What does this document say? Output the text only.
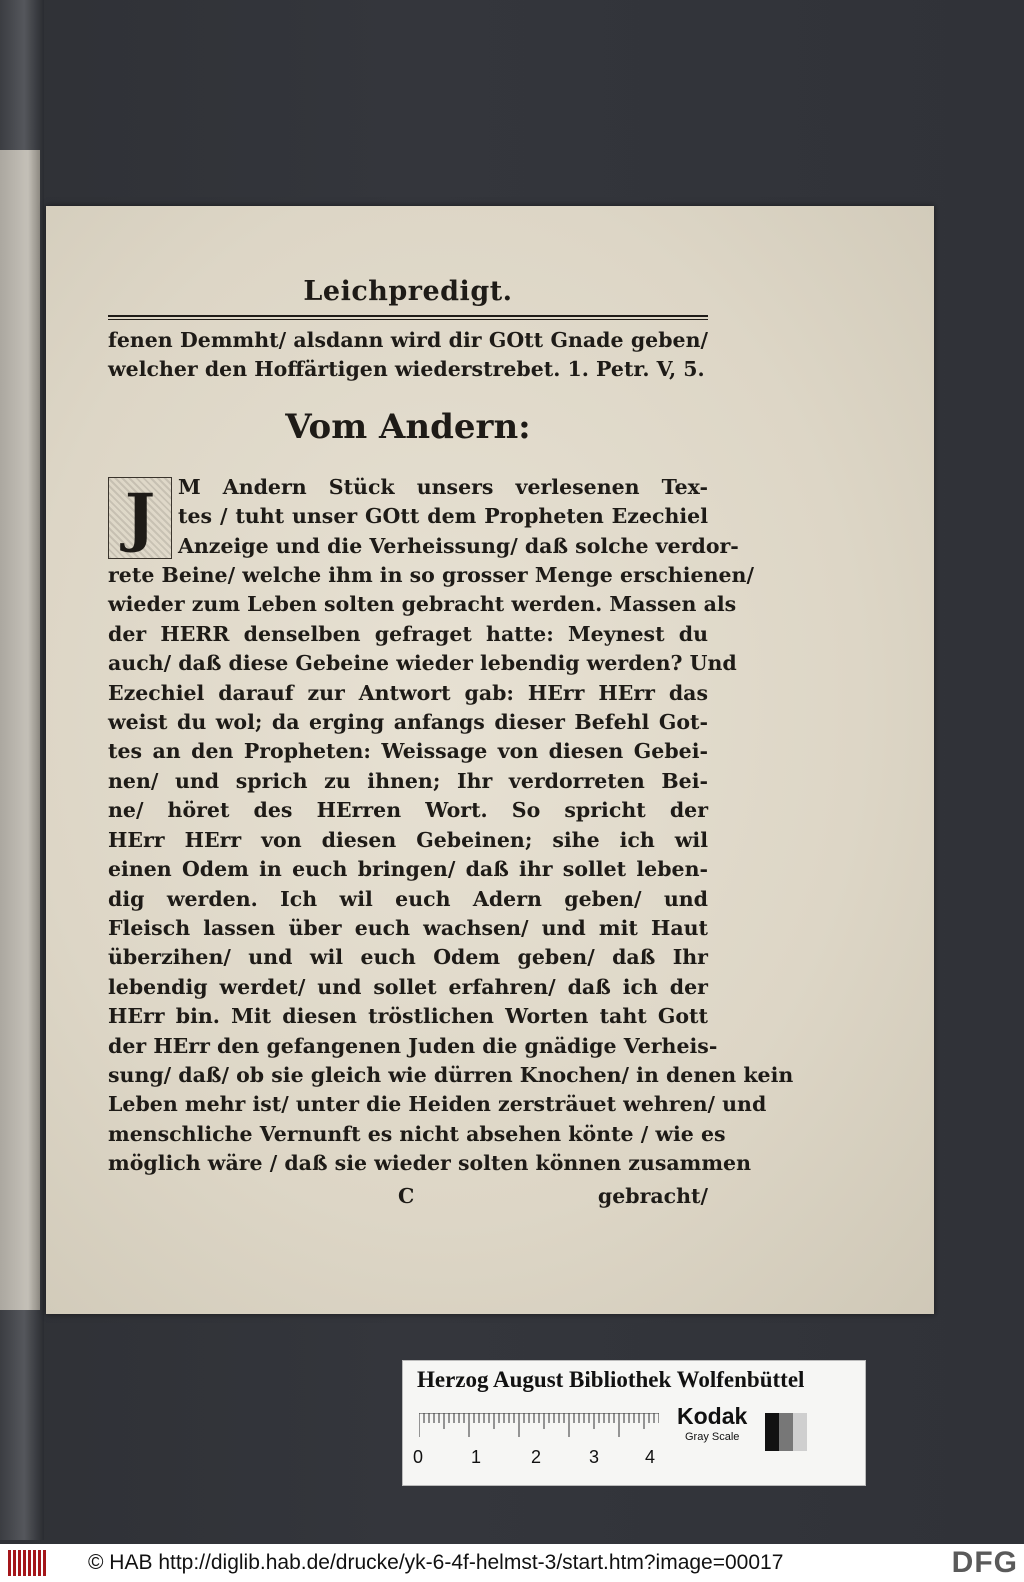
Leichpredigt.
fenen Demmht/ alsdann wird dir GOtt Gnade geben/
welcher den Hoffärtigen wiederstrebet. 1. Petr. V, 5.
Vom Andern:
J	M Andern Stück unsers verlesenen Tex-
tes / tuht unser GOtt dem Propheten Ezechiel
Anzeige und die Verheissung/ daß solche verdor-
rete Beine/ welche ihm in so grosser Menge erschienen/
wieder zum Leben solten gebracht werden. Massen als
der HERR denselben gefraget hatte: Meynest du
auch/ daß diese Gebeine wieder lebendig werden? Und
Ezechiel darauf zur Antwort gab: HErr HErr das
weist du wol; da erging anfangs dieser Befehl Got-
tes an den Propheten: Weissage von diesen Gebei-
nen/ und sprich zu ihnen; Ihr verdorreten Bei-
ne/ höret des HErren Wort. So spricht der
HErr HErr von diesen Gebeinen; sihe ich wil
einen Odem in euch bringen/ daß ihr sollet leben-
dig werden. Ich wil euch Adern geben/ und
Fleisch lassen über euch wachsen/ und mit Haut
überzihen/ und wil euch Odem geben/ daß Ihr
lebendig werdet/ und sollet erfahren/ daß ich der
HErr bin. Mit diesen tröstlichen Worten taht Gott
der HErr den gefangenen Juden die gnädige Verheis-
sung/ daß/ ob sie gleich wie dürren Knochen/ in denen kein
Leben mehr ist/ unter die Heiden zersträuet wehren/ und
menschliche Vernunft es nicht absehen könte / wie es
möglich wäre / daß sie wieder solten können zusammen
C	gebracht/
Herzog August Bibliothek Wolfenbüttel
0	1	2	3	4
Kodak
Gray Scale
© HAB http://diglib.hab.de/drucke/yk-6-4f-helmst-3/start.htm?image=00017	DFG
